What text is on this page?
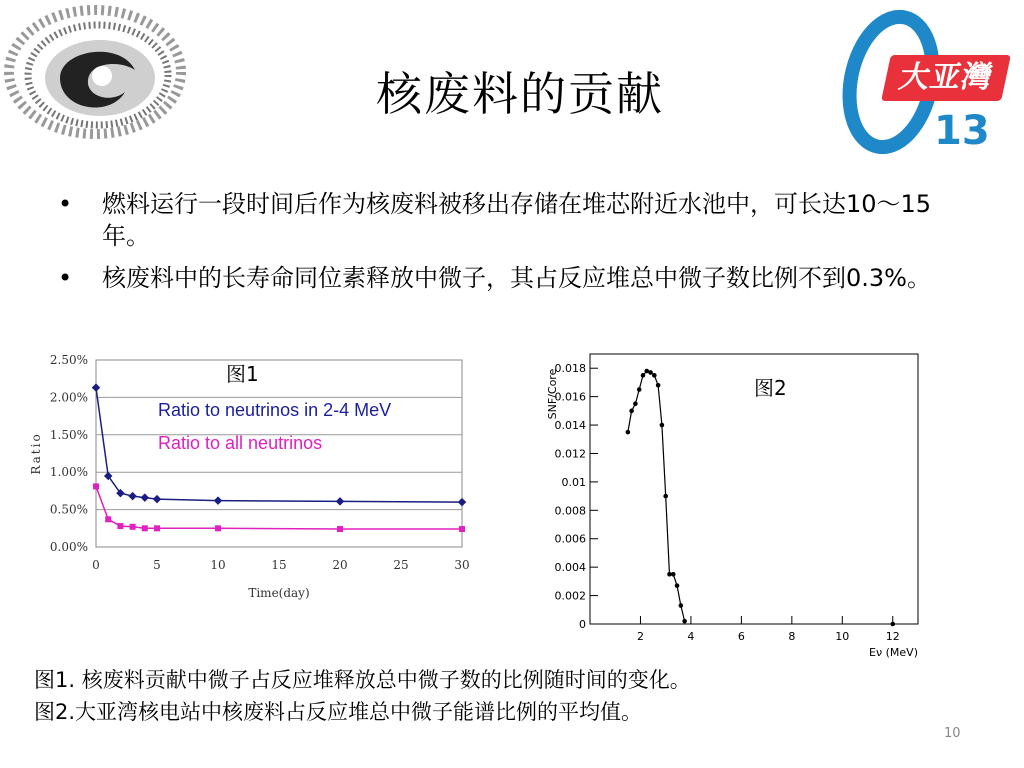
大亚灣
13
核废料的贡献
• 燃料运行一段时间后作为核废料被移出存储在堆芯附近水池中，可长达10～15年。
• 核废料中的长寿命同位素释放中微子，其占反应堆总中微子数比例不到0.3%。
0.00%
0.50%
1.00%
1.50%
2.00%
2.50%
0	5	10	15	20	25	30
Time(day)
Ratio
图1
Ratio to neutrinos in 2-4 MeV
Ratio to all neutrinos
0
0.002
0.004
0.006
0.008
0.01
0.012
0.014
0.016
0.018
2	4	6	8	10	12
Eν (MeV)
SNF/Core	图2
图1. 核废料贡献中微子占反应堆释放总中微子数的比例随时间的变化。
图2.大亚湾核电站中核废料占反应堆总中微子能谱比例的平均值。
10
